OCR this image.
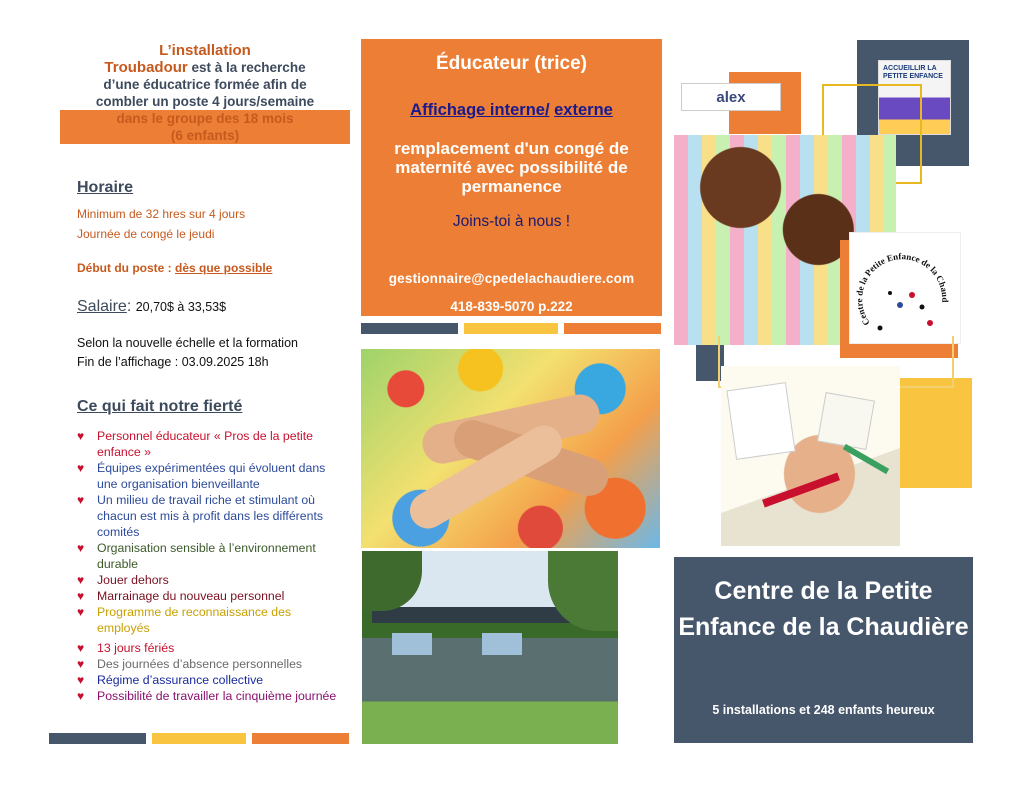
L’installation
Troubadour est à la recherche
d’une éducatrice formée afin de
combler un poste 4 jours/semaine
dans le groupe des 18 mois
(6 enfants)
Horaire
Minimum de 32 hres sur 4 jours
Journée de congé le jeudi
Début du poste : dès que possible
Salaire: 20,70$ à 33,53$
Selon la nouvelle échelle et la formation
Fin de l’affichage : 03.09.2025 18h
Ce qui fait notre fierté
♥ Personnel éducateur « Pros de la petite enfance »
♥ Équipes expérimentées qui évoluent dans une organisation bienveillante
♥ Un milieu de travail riche et stimulant où chacun est mis à profit dans les différents comités
♥ Organisation sensible à l’environnement durable
♥ Jouer dehors
♥ Marrainage du nouveau personnel
♥ Programme de reconnaissance des employés
♥ 13 jours fériés
♥ Des journées d’absence personnelles
♥ Régime d’assurance collective
♥ Possibilité de travailler la cinquième journée
Éducateur (trice)
Affichage interne/ externe
remplacement d'un congé de maternité avec possibilité de permanence
Joins-toi à nous !
gestionnaire@cpedelachaudiere.com
418-839-5070 p.222
alex
ACCUEILLIR LA PETITE ENFANCE
Centre de la Petite Enfance de la Chaud
Centre de la Petite Enfance de la Chaudière
5 installations et 248 enfants heureux
